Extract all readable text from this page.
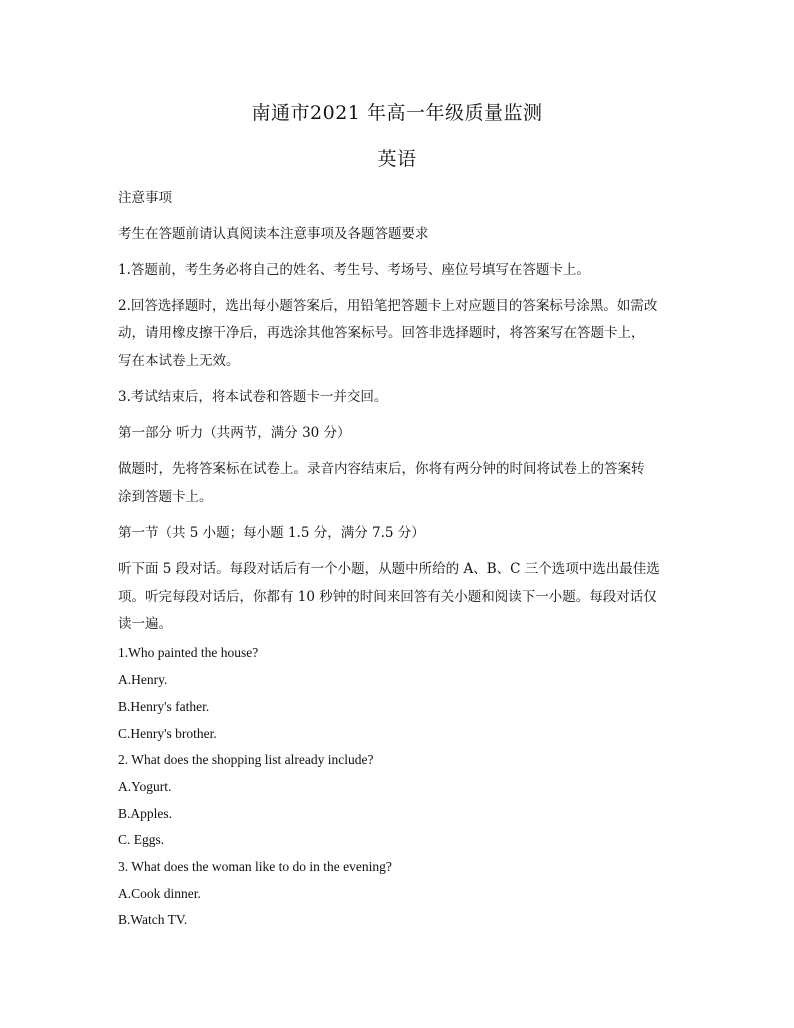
南通市2021 年高一年级质量监测
英语
注意事项
考生在答题前请认真阅读本注意事项及各题答题要求
1.答题前，考生务必将自己的姓名、考生号、考场号、座位号填写在答题卡上。
2.回答选择题时，选出每小题答案后，用铅笔把答题卡上对应题目的答案标号涂黑。如需改
动，请用橡皮擦干净后，再选涂其他答案标号。回答非选择题时，将答案写在答题卡上，
写在本试卷上无效。
3.考试结束后，将本试卷和答题卡一并交回。
第一部分 听力（共两节，满分 30 分）
做题时，先将答案标在试卷上。录音内容结束后，你将有两分钟的时间将试卷上的答案转
涂到答题卡上。
第一节（共 5 小题；每小题 1.5 分，满分 7.5 分）
听下面 5 段对话。每段对话后有一个小题，从题中所给的 A、B、C 三个选项中选出最佳选
项。听完每段对话后，你都有 10 秒钟的时间来回答有关小题和阅读下一小题。每段对话仅
读一遍。
1.Who painted the house?
A.Henry.
B.Henry's father.
C.Henry's brother.
2. What does the shopping list already include?
A.Yogurt.
B.Apples.
C. Eggs.
3. What does the woman like to do in the evening?
A.Cook dinner.
B.Watch TV.
